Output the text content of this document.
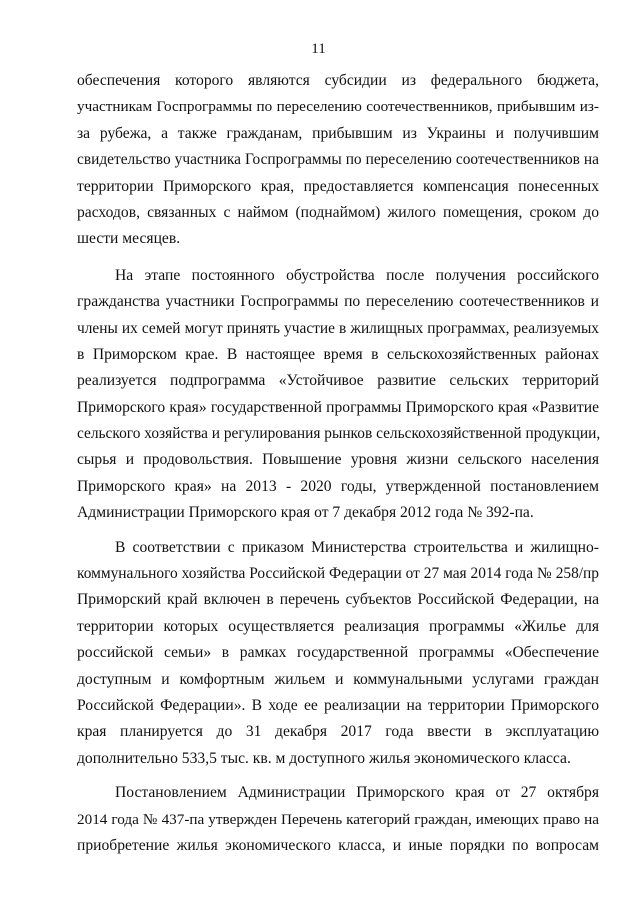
11
обеспечения которого являются субсидии из федерального бюджета,
участникам Госпрограммы по переселению соотечественников, прибывшим из-
за рубежа, а также гражданам, прибывшим из Украины и получившим
свидетельство участника Госпрограммы по переселению соотечественников на
территории Приморского края, предоставляется компенсация понесенных
расходов, связанных с наймом (поднаймом) жилого помещения, сроком до
шести месяцев.
На этапе постоянного обустройства после получения российского
гражданства участники Госпрограммы по переселению соотечественников и
члены их семей могут принять участие в жилищных программах, реализуемых
в Приморском крае. В настоящее время в сельскохозяйственных районах
реализуется подпрограмма «Устойчивое развитие сельских территорий
Приморского края» государственной программы Приморского края «Развитие
сельского хозяйства и регулирования рынков сельскохозяйственной продукции,
сырья и продовольствия. Повышение уровня жизни сельского населения
Приморского края» на 2013 - 2020 годы, утвержденной постановлением
Администрации Приморского края от 7 декабря 2012 года № 392-па.
В соответствии с приказом Министерства строительства и жилищно-
коммунального хозяйства Российской Федерации от 27 мая 2014 года № 258/пр
Приморский край включен в перечень субъектов Российской Федерации, на
территории которых осуществляется реализация программы «Жилье для
российской семьи» в рамках государственной программы «Обеспечение
доступным и комфортным жильем и коммунальными услугами граждан
Российской Федерации». В ходе ее реализации на территории Приморского
края планируется до 31 декабря 2017 года ввести в эксплуатацию
дополнительно 533,5 тыс. кв. м доступного жилья экономического класса.
Постановлением Администрации Приморского края от 27 октября
2014 года № 437-па утвержден Перечень категорий граждан, имеющих право на
приобретение жилья экономического класса, и иные порядки по вопросам
